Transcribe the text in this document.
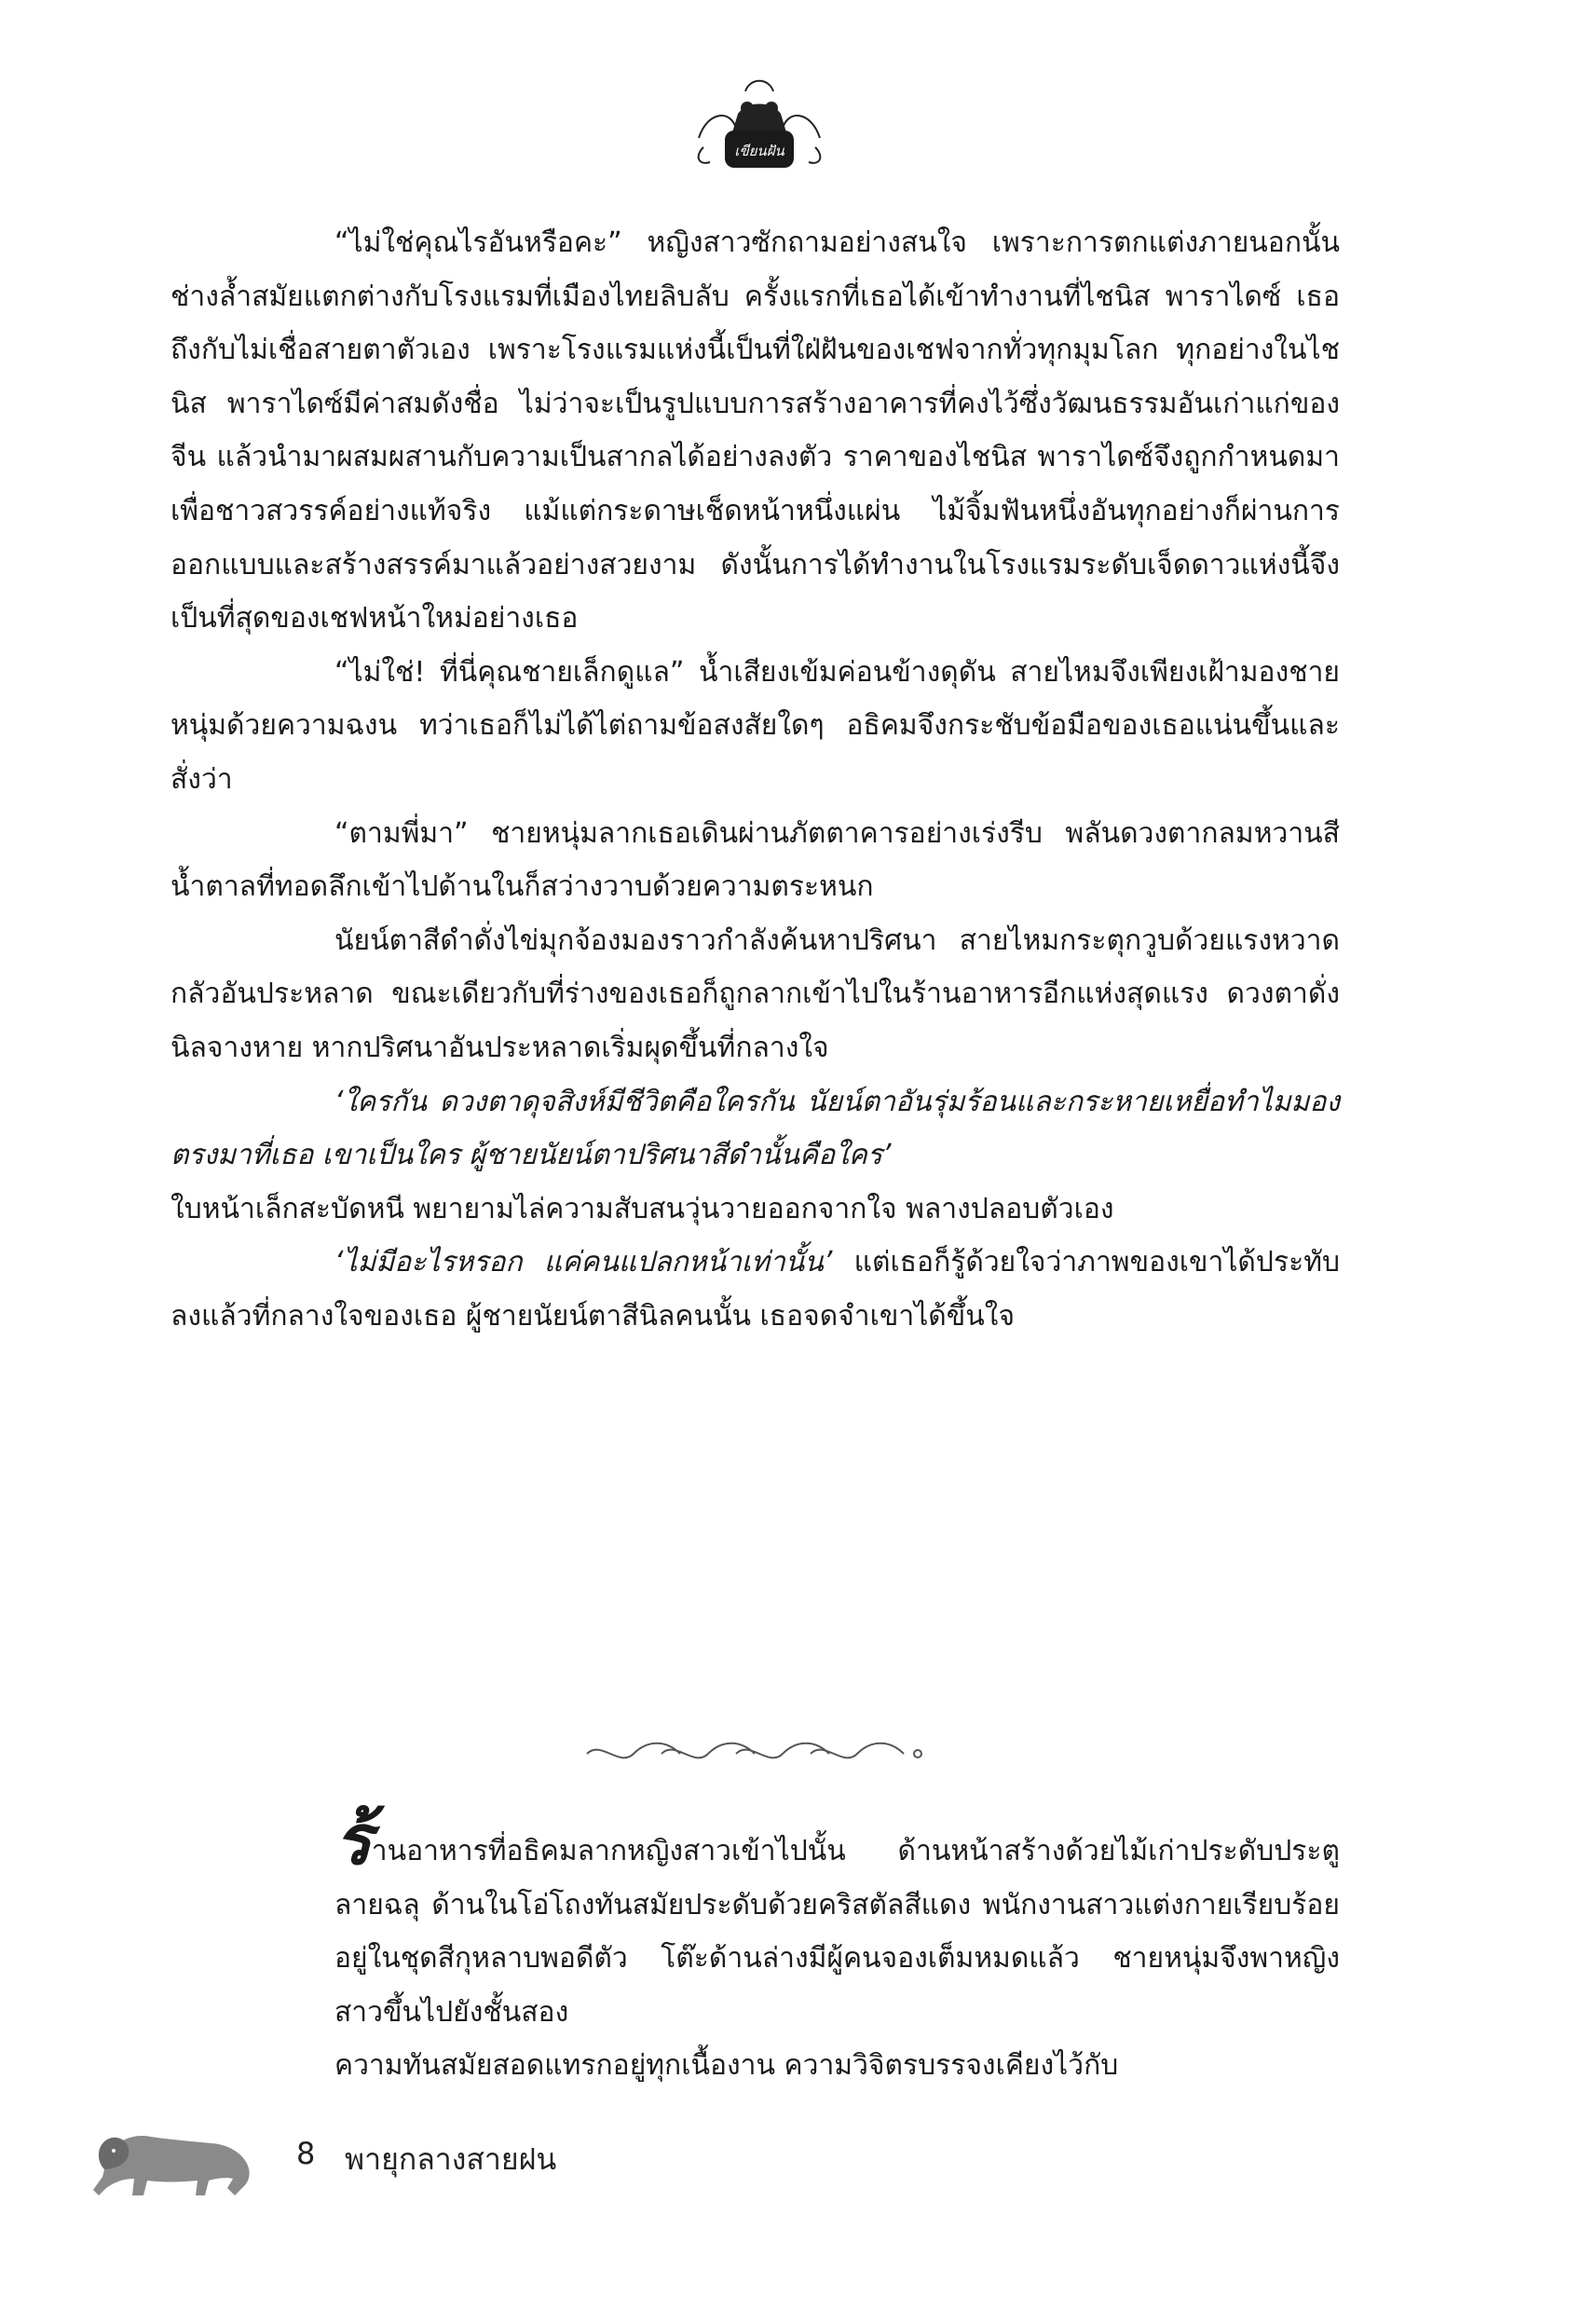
เขียนฝัน

“ไม่ใช่คุณไรอันหรือคะ” หญิงสาวซักถามอย่างสนใจ เพราะการตกแต่งภายนอกนั้นช่างล้ำสมัยแตกต่างกับโรงแรมที่เมืองไทยลิบลับ ครั้งแรกที่เธอได้เข้าทำงานที่ไชนิส พาราไดซ์ เธอถึงกับไม่เชื่อสายตาตัวเอง เพราะโรงแรมแห่งนี้เป็นที่ใฝ่ฝันของเชฟจากทั่วทุกมุมโลก ทุกอย่างในไชนิส พาราไดซ์มีค่าสมดังชื่อ ไม่ว่าจะเป็นรูปแบบการสร้างอาคารที่คงไว้ซึ่งวัฒนธรรมอันเก่าแก่ของจีน แล้วนำมาผสมผสานกับความเป็นสากลได้อย่างลงตัว ราคาของไชนิส พาราไดซ์จึงถูกกำหนดมาเพื่อชาวสวรรค์อย่างแท้จริง แม้แต่กระดาษเช็ดหน้าหนึ่งแผ่น ไม้จิ้มฟันหนึ่งอันทุกอย่างก็ผ่านการออกแบบและสร้างสรรค์มาแล้วอย่างสวยงาม ดังนั้นการได้ทำงานในโรงแรมระดับเจ็ดดาวแห่งนี้จึงเป็นที่สุดของเชฟหน้าใหม่อย่างเธอ

“ไม่ใช่! ที่นี่คุณชายเล็กดูแล” น้ำเสียงเข้มค่อนข้างดุดัน สายไหมจึงเพียงเฝ้ามองชายหนุ่มด้วยความฉงน ทว่าเธอก็ไม่ได้ไต่ถามข้อสงสัยใดๆ อธิคมจึงกระชับข้อมือของเธอแน่นขึ้นและสั่งว่า

“ตามพี่มา” ชายหนุ่มลากเธอเดินผ่านภัตตาคารอย่างเร่งรีบ พลันดวงตากลมหวานสีน้ำตาลที่ทอดลึกเข้าไปด้านในก็สว่างวาบด้วยความตระหนก

นัยน์ตาสีดำดั่งไข่มุกจ้องมองราวกำลังค้นหาปริศนา สายไหมกระตุกวูบด้วยแรงหวาดกลัวอันประหลาด ขณะเดียวกับที่ร่างของเธอก็ถูกลากเข้าไปในร้านอาหารอีกแห่งสุดแรง ดวงตาดั่งนิลจางหาย หากปริศนาอันประหลาดเริ่มผุดขึ้นที่กลางใจ

‘ใครกัน ดวงตาดุจสิงห์มีชีวิตคือใครกัน นัยน์ตาอันรุ่มร้อนและกระหายเหยื่อทำไมมองตรงมาที่เธอ เขาเป็นใคร ผู้ชายนัยน์ตาปริศนาสีดำนั้นคือใคร’
ใบหน้าเล็กสะบัดหนี พยายามไล่ความสับสนวุ่นวายออกจากใจ พลางปลอบตัวเอง

‘ไม่มีอะไรหรอก แค่คนแปลกหน้าเท่านั้น’ แต่เธอก็รู้ด้วยใจว่าภาพของเขาได้ประทับลงแล้วที่กลางใจของเธอ ผู้ชายนัยน์ตาสีนิลคนนั้น เธอจดจำเขาได้ขึ้นใจ

ร้านอาหารที่อธิคมลากหญิงสาวเข้าไปนั้น ด้านหน้าสร้างด้วยไม้เก่าประดับประตูลายฉลุ ด้านในโอ่โถงทันสมัยประดับด้วยคริสตัลสีแดง พนักงานสาวแต่งกายเรียบร้อยอยู่ในชุดสีกุหลาบพอดีตัว โต๊ะด้านล่างมีผู้คนจองเต็มหมดแล้ว ชายหนุ่มจึงพาหญิงสาวขึ้นไปยังชั้นสอง

ความทันสมัยสอดแทรกอยู่ทุกเนื้องาน ความวิจิตรบรรจงเคียงไว้กับ

8 พายุกลางสายฝน
